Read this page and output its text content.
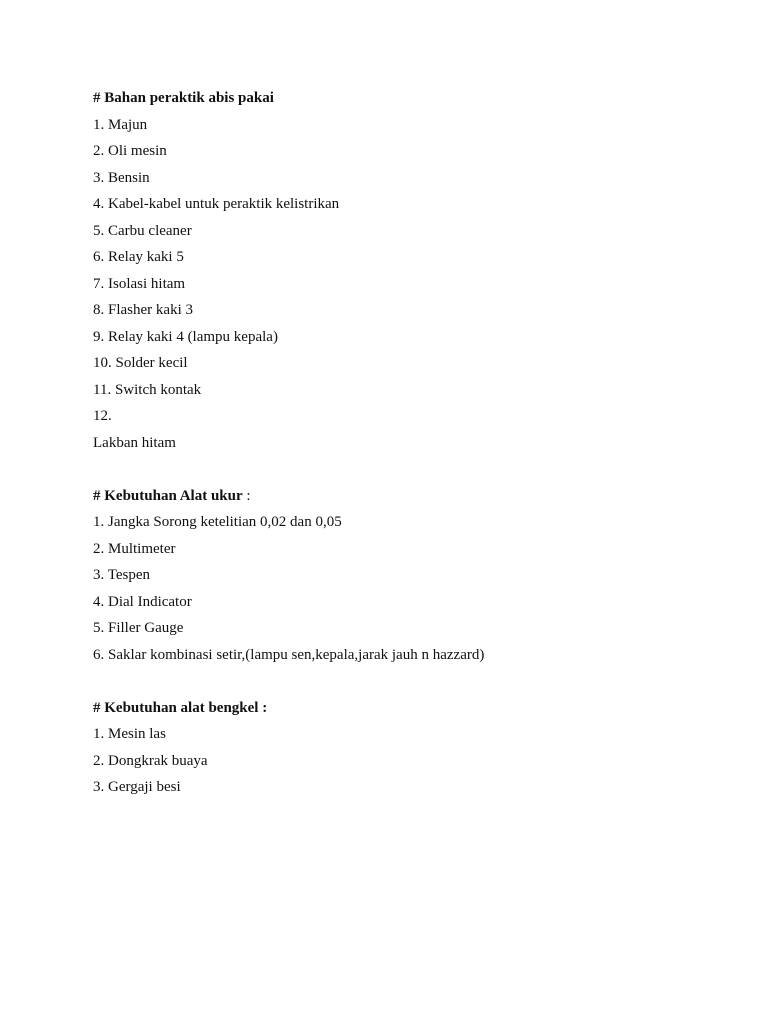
# Bahan peraktik abis pakai
1. Majun
2. Oli mesin
3. Bensin
4. Kabel-kabel untuk peraktik kelistrikan
5. Carbu cleaner
6. Relay kaki 5
7. Isolasi hitam
8. Flasher kaki 3
9. Relay kaki 4 (lampu kepala)
10. Solder kecil
11. Switch kontak
12.
Lakban hitam
# Kebutuhan Alat ukur :
1. Jangka Sorong ketelitian 0,02 dan 0,05
2. Multimeter
3. Tespen
4. Dial Indicator
5. Filler Gauge
6. Saklar kombinasi setir,(lampu sen,kepala,jarak jauh n hazzard)
# Kebutuhan alat bengkel :
1. Mesin las
2. Dongkrak buaya
3. Gergaji besi
